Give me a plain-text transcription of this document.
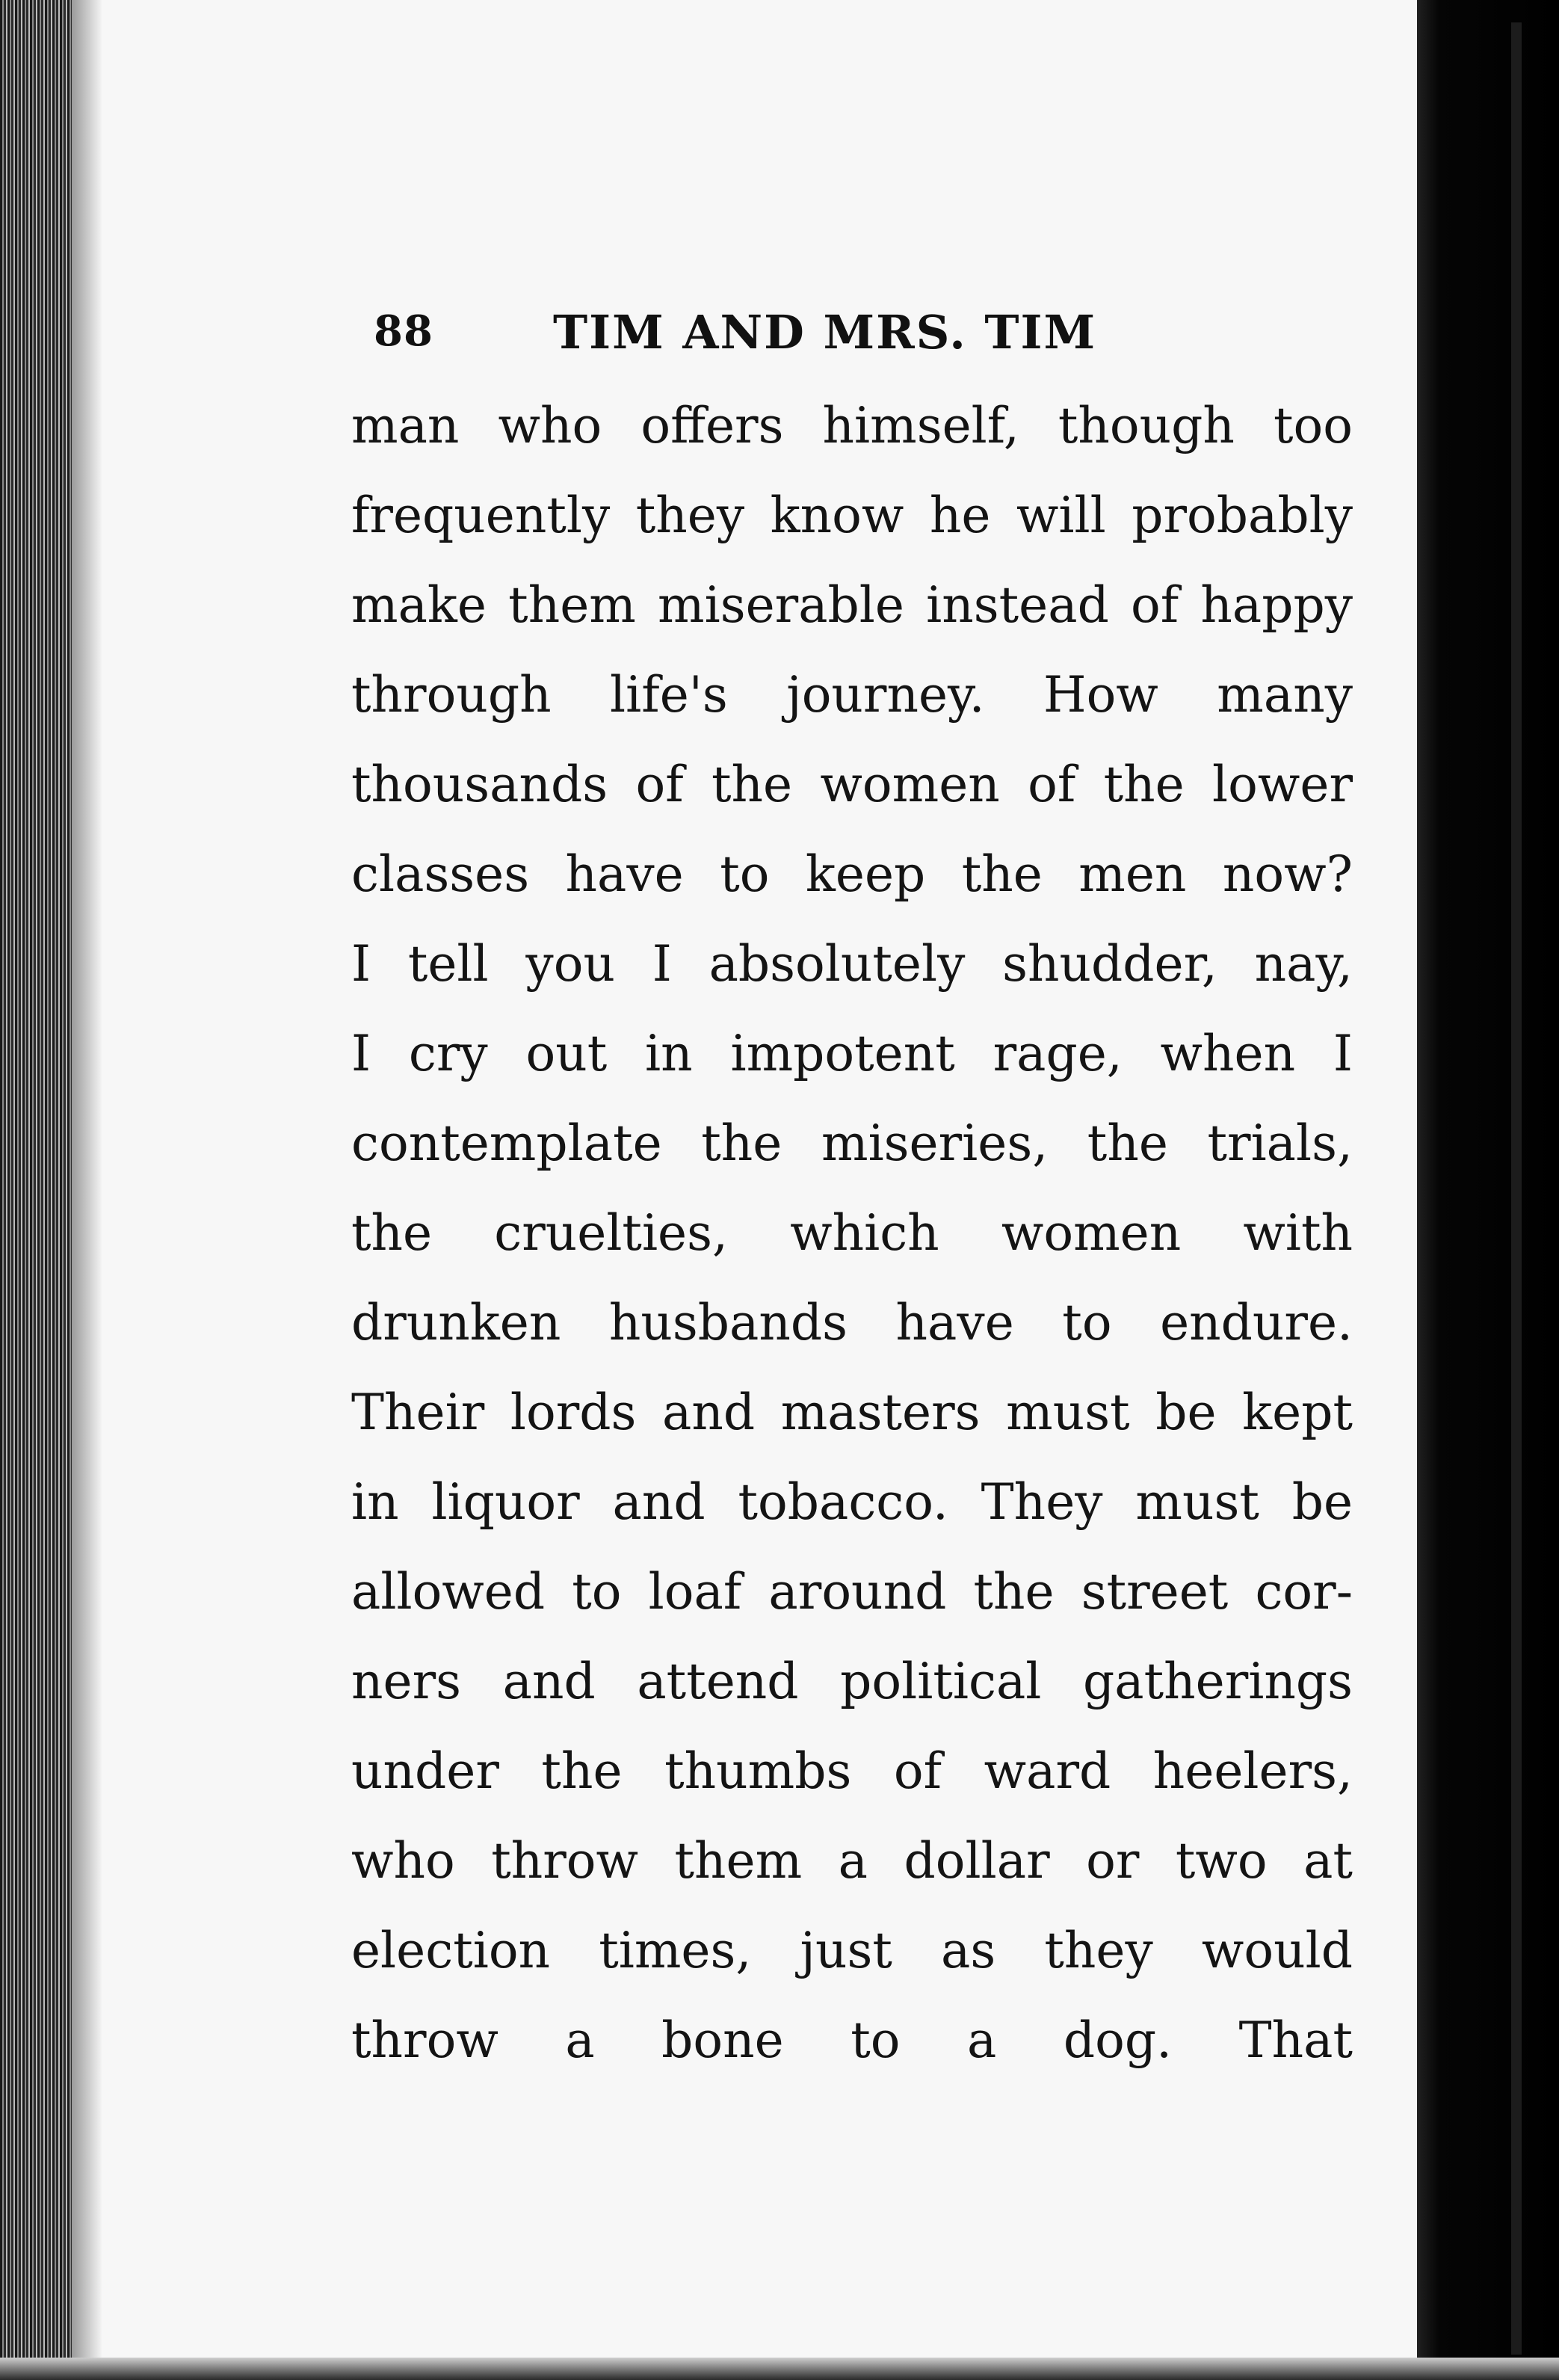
88	TIM AND MRS. TIM
man who offers himself, though too
frequently they know he will probably
make them miserable instead of happy
through life's journey. How many
thousands of the women of the lower
classes have to keep the men now?
I tell you I absolutely shudder, nay,
I cry out in impotent rage, when I
contemplate the miseries, the trials,
the cruelties, which women with
drunken husbands have to endure.
Their lords and masters must be kept
in liquor and tobacco. They must be
allowed to loaf around the street cor-
ners and attend political gatherings
under the thumbs of ward heelers,
who throw them a dollar or two at
election times, just as they would
throw a bone to a dog. That
